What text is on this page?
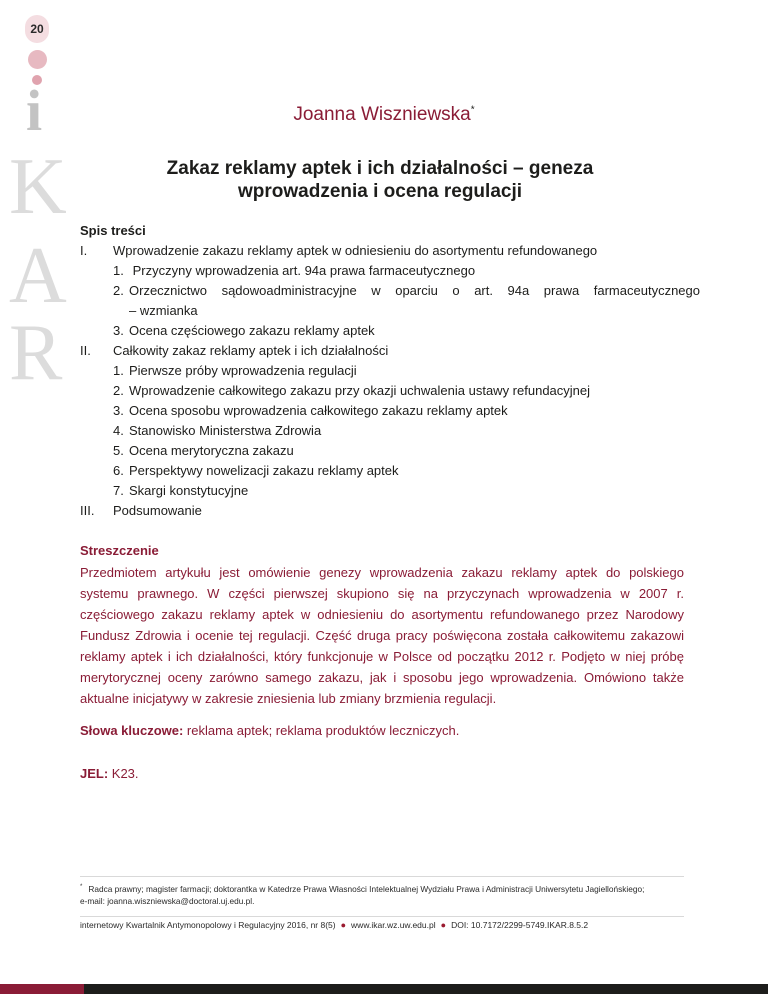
20
i
K
A
R
Joanna Wiszniewska*
Zakaz reklamy aptek i ich działalności – geneza
wprowadzenia i ocena regulacji
Spis treści
I. Wprowadzenie zakazu reklamy aptek w odniesieniu do asortymentu refundowanego
1. Przyczyny wprowadzenia art. 94a prawa farmaceutycznego
2. Orzecznictwo sądowoadministracyjne w oparciu o art. 94a prawa farmaceutycznego
– wzmianka
3. Ocena częściowego zakazu reklamy aptek
II. Całkowity zakaz reklamy aptek i ich działalności
1. Pierwsze próby wprowadzenia regulacji
2. Wprowadzenie całkowitego zakazu przy okazji uchwalenia ustawy refundacyjnej
3. Ocena sposobu wprowadzenia całkowitego zakazu reklamy aptek
4. Stanowisko Ministerstwa Zdrowia
5. Ocena merytoryczna zakazu
6. Perspektywy nowelizacji zakazu reklamy aptek
7. Skargi konstytucyjne
III. Podsumowanie
Streszczenie
Przedmiotem artykułu jest omówienie genezy wprowadzenia zakazu reklamy aptek do polskiego systemu prawnego. W części pierwszej skupiono się na przyczynach wprowadzenia w 2007 r. częściowego zakazu reklamy aptek w odniesieniu do asortymentu refundowanego przez Narodowy Fundusz Zdrowia i ocenie tej regulacji. Część druga pracy poświęcona została całkowitemu zakazowi reklamy aptek i ich działalności, który funkcjonuje w Polsce od początku 2012 r. Podjęto w niej próbę merytorycznej oceny zarówno samego zakazu, jak i sposobu jego wprowadzenia. Omówiono także aktualne inicjatywy w zakresie zniesienia lub zmiany brzmienia regulacji.
Słowa kluczowe: reklama aptek; reklama produktów leczniczych.
JEL: K23.
* Radca prawny; magister farmacji; doktorantka w Katedrze Prawa Własności Intelektualnej Wydziału Prawa i Administracji Uniwersytetu Jagiellońskiego;
e-mail: joanna.wiszniewska@doctoral.uj.edu.pl.
internetowy Kwartalnik Antymonopolowy i Regulacyjny 2016, nr 8(5) ● www.ikar.wz.uw.edu.pl ● DOI: 10.7172/2299-5749.IKAR.8.5.2
